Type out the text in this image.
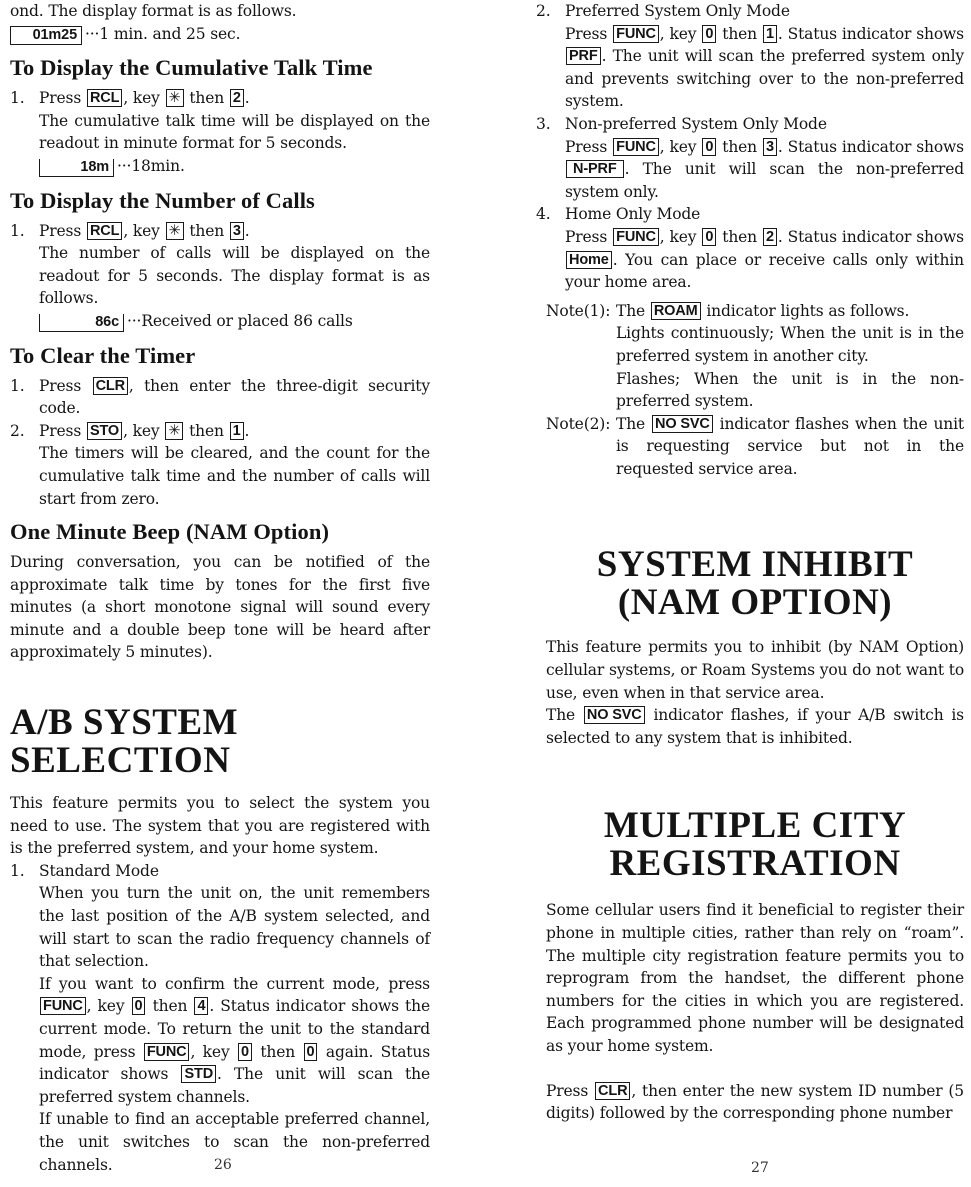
ond. The display format is as follows.

01m25 ···1 min. and 25 sec.

To Display the Cumulative Talk Time
1. Press RCL , key ✳ then 2 .

The cumulative talk time will be displayed on the readout in minute format for 5 seconds.

18m ···18min.

To Display the Number of Calls
1. Press RCL , key ✳ then 3 .

The number of calls will be displayed on the readout for 5 seconds. The display format is as follows.

86c ···Received or placed 86 calls

To Clear the Timer
1. Press CLR , then enter the three-digit security code.

2. Press STO , key ✳ then 1 .

The timers will be cleared, and the count for the cumulative talk time and the number of calls will start from zero.

One Minute Beep (NAM Option)

During conversation, you can be notified of the approximate talk time by tones for the first five minutes (a short monotone signal will sound every minute and a double beep tone will be heard after approximately 5 minutes).

A/B SYSTEM SELECTION

This feature permits you to select the system you need to use. The system that you are registered with is the preferred system, and your home system.

1. Standard Mode

When you turn the unit on, the unit remembers the last position of the A/B system selected, and will start to scan the radio frequency channels of that selection.

If you want to confirm the current mode, press FUNC , key 0 then 4 . Status indicator shows the current mode. To return the unit to the standard mode, press FUNC , key 0 then 0 again. Status indicator shows STD . The unit will scan the preferred system channels.

If unable to find an acceptable preferred channel, the unit switches to scan the non-preferred channels.	26
2. Preferred System Only Mode

Press FUNC , key 0 then 1 . Status indicator shows PRF . The unit will scan the preferred system only and prevents switching over to the non-preferred system.

3. Non-preferred System Only Mode

Press FUNC , key 0 then 3 . Status indicator shows N-PRF . The unit will scan the non-preferred system only.

4. Home Only Mode

Press FUNC , key 0 then 2 . Status indicator shows Home . You can place or receive calls only within your home area.

Note(1): The ROAM indicator lights as follows.

Lights continuously; When the unit is in the preferred system in another city.

Flashes; When the unit is in the non-preferred system.

Note(2): The NO SVC indicator flashes when the unit is requesting service but not in the requested service area.

SYSTEM INHIBIT
(NAM OPTION)

This feature permits you to inhibit (by NAM Option) cellular systems, or Roam Systems you do not want to use, even when in that service area.

The NO SVC indicator flashes, if your A/B switch is selected to any system that is inhibited.

MULTIPLE CITY
REGISTRATION

Some cellular users find it beneficial to register their phone in multiple cities, rather than rely on “roam”. The multiple city registration feature permits you to reprogram from the handset, the different phone numbers for the cities in which you are registered. Each programmed phone number will be designated as your home system.

Press CLR , then enter the new system ID number (5 digits) followed by the corresponding phone number

27
